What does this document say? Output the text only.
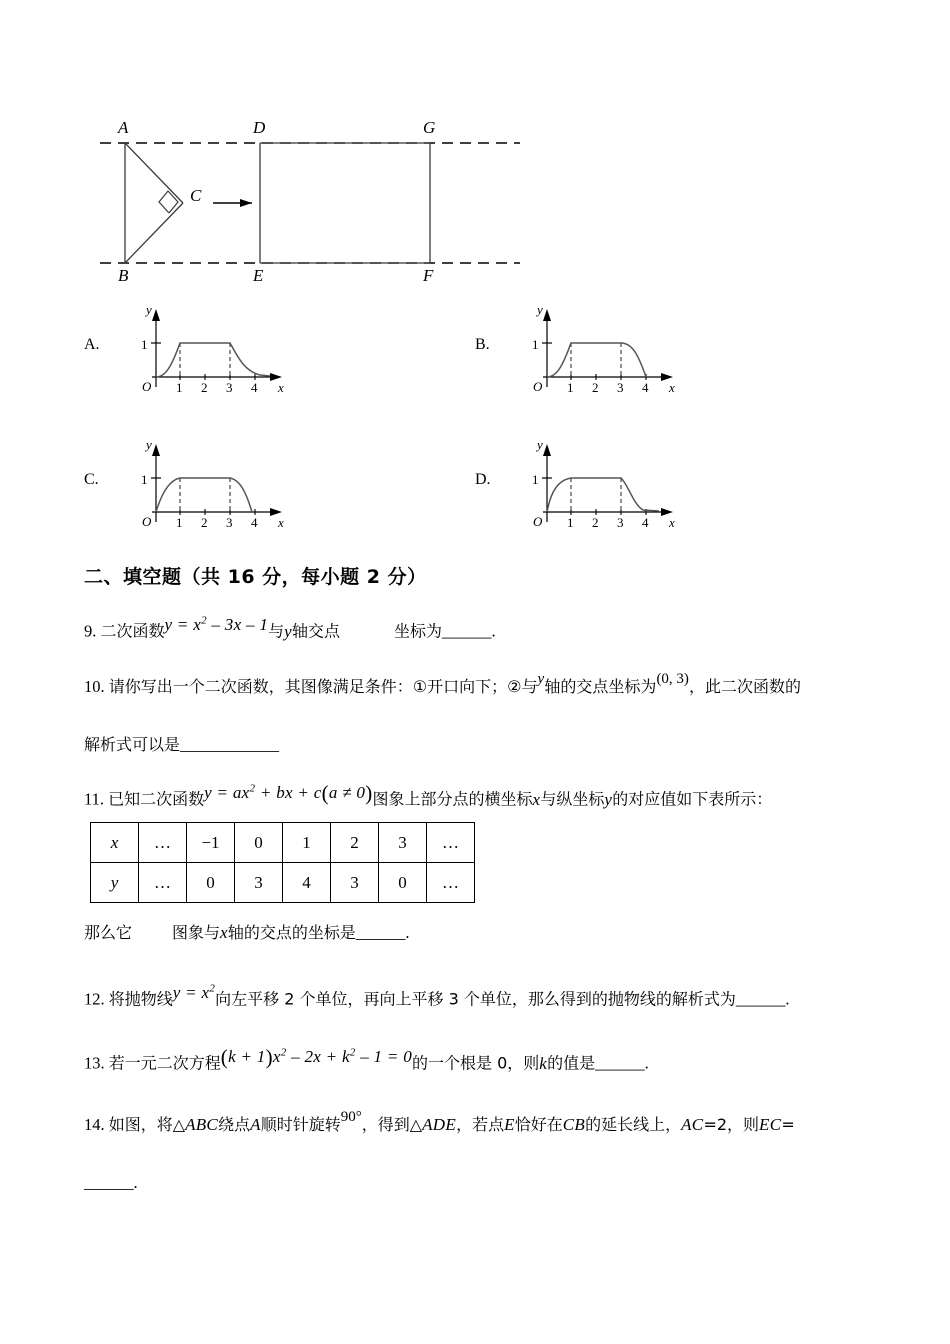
A
B
C
D
E
G
F
A.
y
x
O
1
1 2 3 4
B.
y
x
O
1
1 2 3 4
C.
y
x
O
1
1 2 3 4
D.
y
x
O
1
1 2 3 4
二、填空题（共 16 分，每小题 2 分）
9. 二次函数$y = x^2 - 3x - 1$与y轴交点	坐标为______.
10. 请你写出一个二次函数，其图像满足条件：①开口向下；②与y轴的交点坐标为(0, 3)，此二次函数的
解析式可以是____________
11. 已知二次函数$y = ax^2$ + bx + c(a ≠ 0)图象上部分点的横坐标x与纵坐标y的对应值如下表所示：
x	…	−1	0	1	2	3	…
y	…	0	3	4	3	0	…
那么它	图象与x轴的交点的坐标是______.
12. 将抛物线$y = x^2$向左平移 2 个单位，再向上平移 3 个单位，那么得到的抛物线的解析式为______.
13. 若一元二次方程$(k + 1)x^2 - 2x + k^2 - 1 = 0$的一个根是 0，则k的值是______.
14. 如图，将△ABC绕点A顺时针旋转90°，得到△ADE，若点E恰好在CB的延长线上，AC=2，则EC=
______.
